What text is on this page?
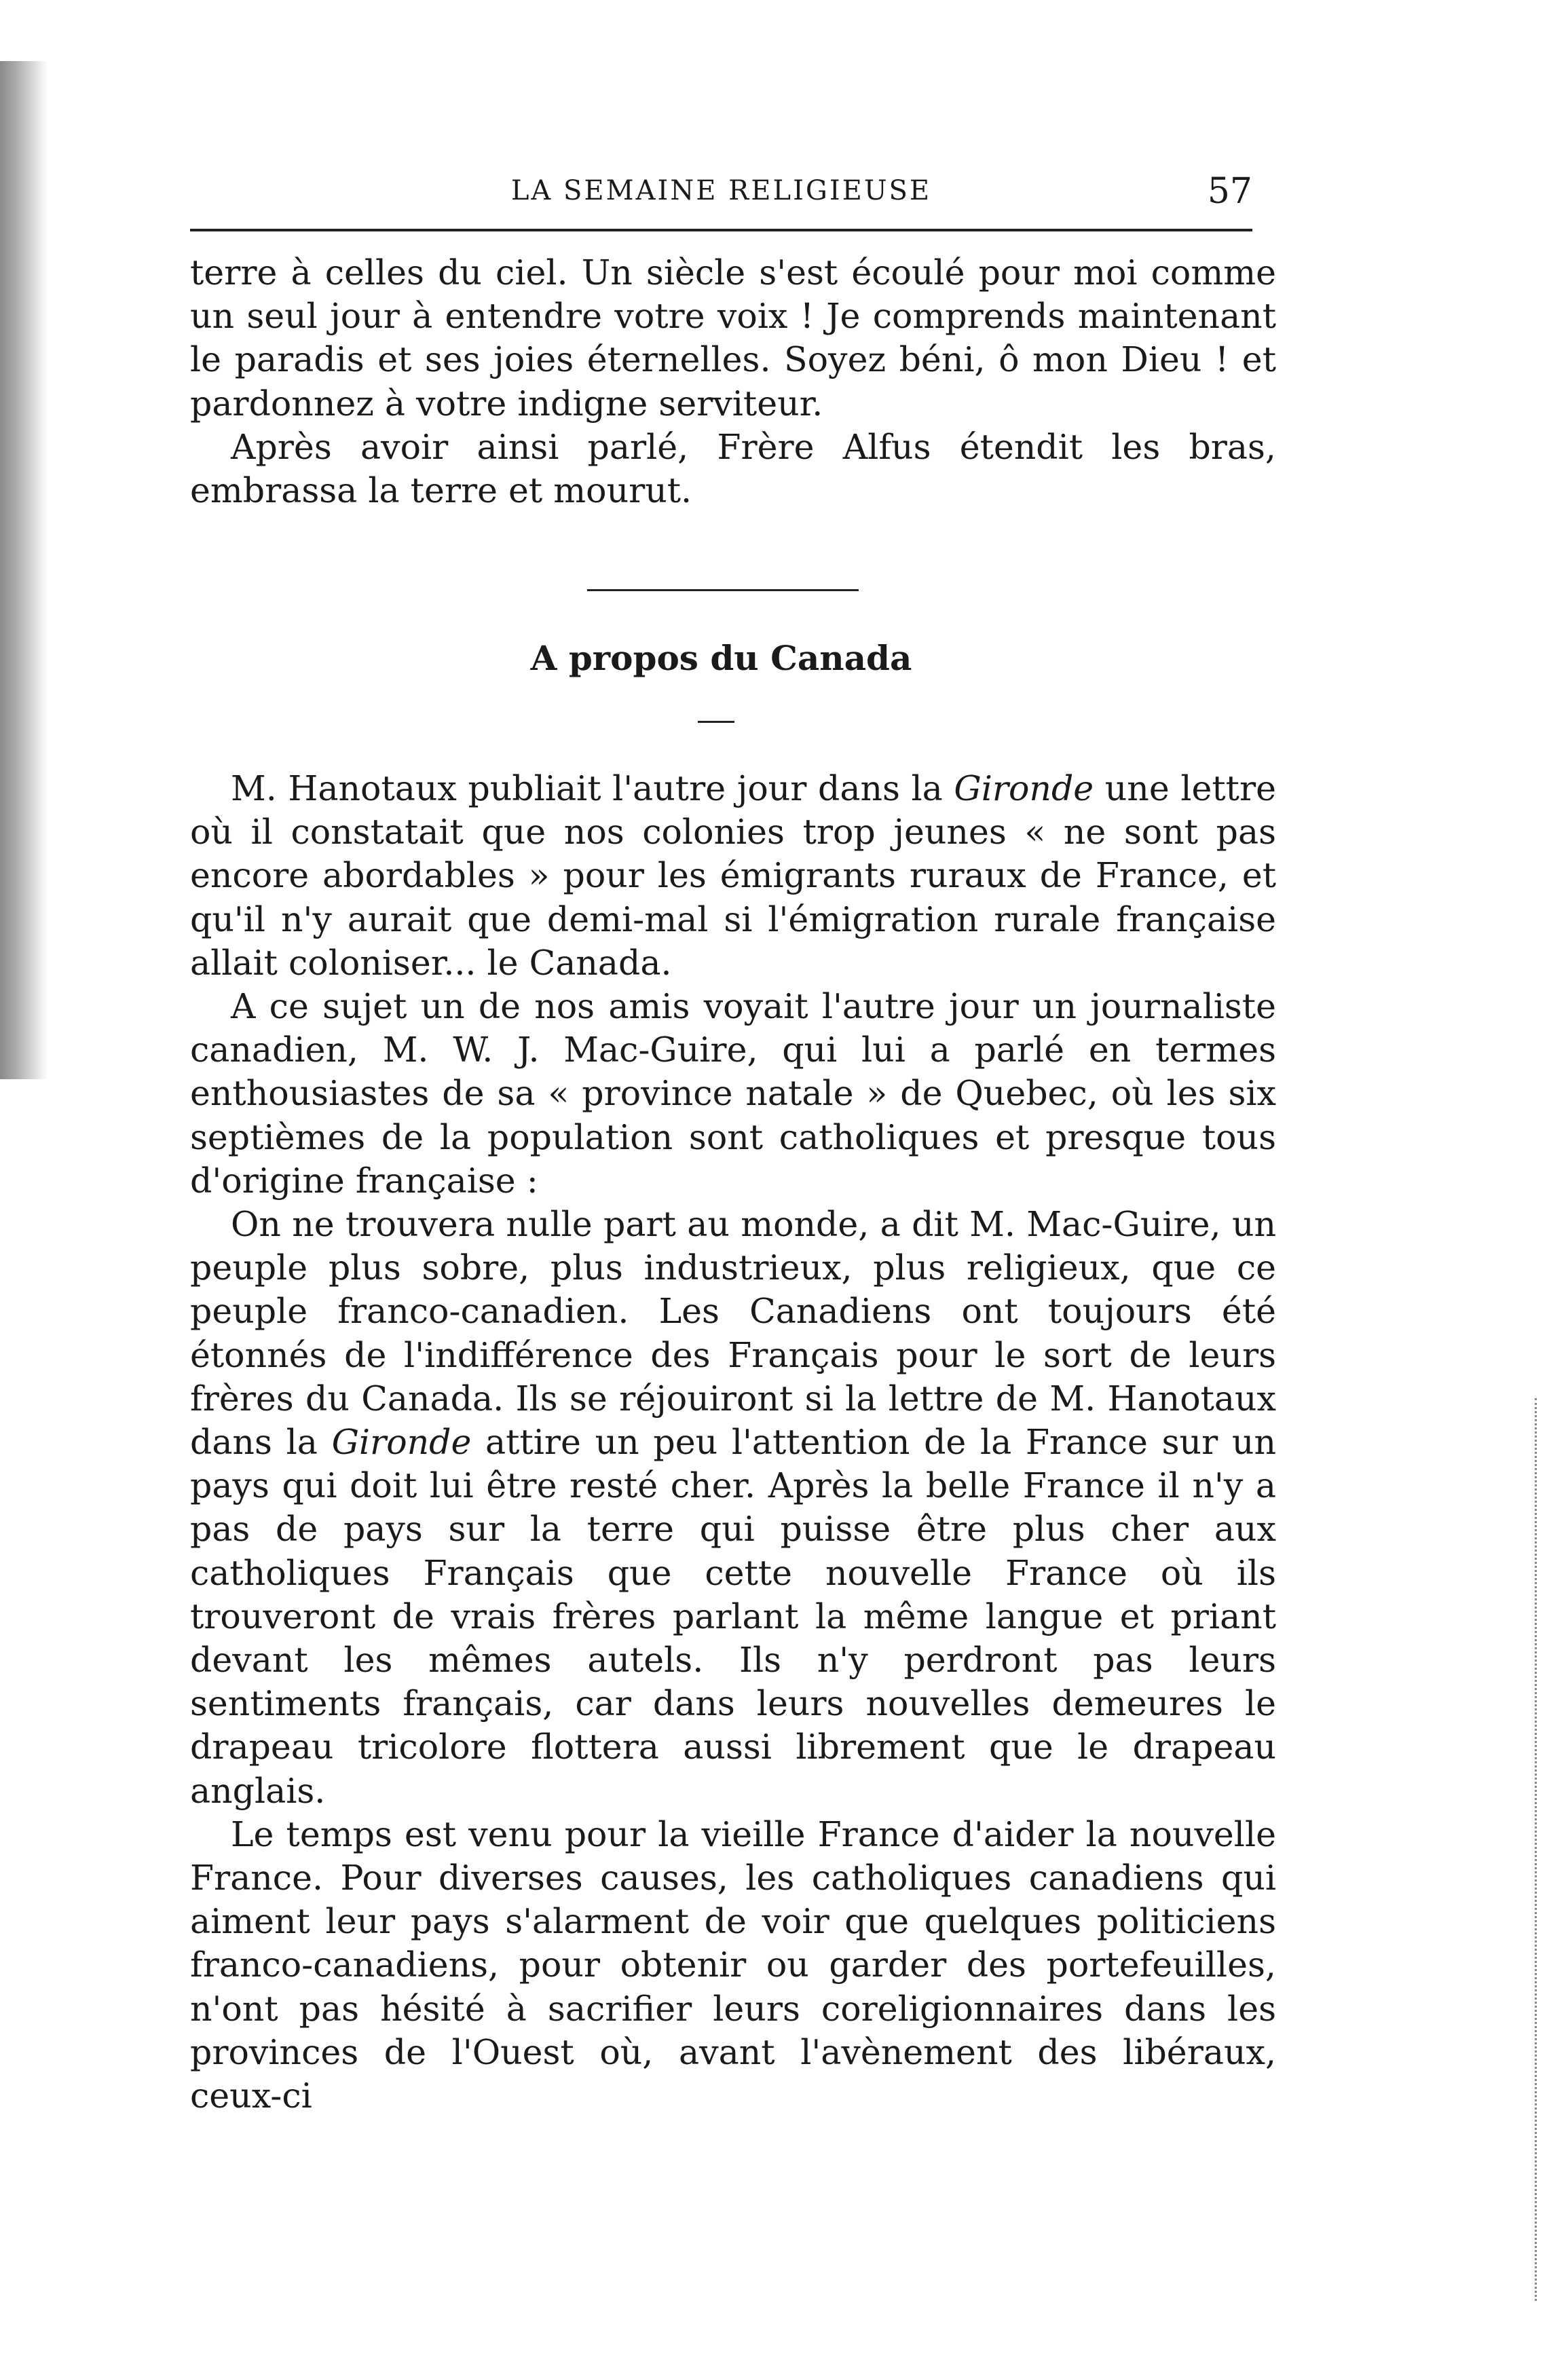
LA SEMAINE RELIGIEUSE	57

terre à celles du ciel. Un siècle s'est écoulé pour moi comme un seul jour à entendre votre voix ! Je comprends maintenant le paradis et ses joies éternelles. Soyez béni, ô mon Dieu ! et pardonnez à votre indigne serviteur.

Après avoir ainsi parlé, Frère Alfus étendit les bras, embrassa la terre et mourut.

A propos du Canada

M. Hanotaux publiait l'autre jour dans la Gironde une lettre où il constatait que nos colonies trop jeunes « ne sont pas encore abordables » pour les émigrants ruraux de France, et qu'il n'y aurait que demi-mal si l'émigration rurale française allait coloniser... le Canada.

A ce sujet un de nos amis voyait l'autre jour un journaliste canadien, M. W. J. Mac-Guire, qui lui a parlé en termes enthousiastes de sa « province natale » de Quebec, où les six septièmes de la population sont catholiques et presque tous d'origine française :

On ne trouvera nulle part au monde, a dit M. Mac-Guire, un peuple plus sobre, plus industrieux, plus religieux, que ce peuple franco-canadien. Les Canadiens ont toujours été étonnés de l'indifférence des Français pour le sort de leurs frères du Canada. Ils se réjouiront si la lettre de M. Hanotaux dans la Gironde attire un peu l'attention de la France sur un pays qui doit lui être resté cher. Après la belle France il n'y a pas de pays sur la terre qui puisse être plus cher aux catholiques Français que cette nouvelle France où ils trouveront de vrais frères parlant la même langue et priant devant les mêmes autels. Ils n'y perdront pas leurs sentiments français, car dans leurs nouvelles demeures le drapeau tricolore flottera aussi librement que le drapeau anglais.

Le temps est venu pour la vieille France d'aider la nouvelle France. Pour diverses causes, les catholiques canadiens qui aiment leur pays s'alarment de voir que quelques politiciens franco-canadiens, pour obtenir ou garder des portefeuilles, n'ont pas hésité à sacrifier leurs coreligionnaires dans les provinces de l'Ouest où, avant l'avènement des libéraux, ceux-ci
